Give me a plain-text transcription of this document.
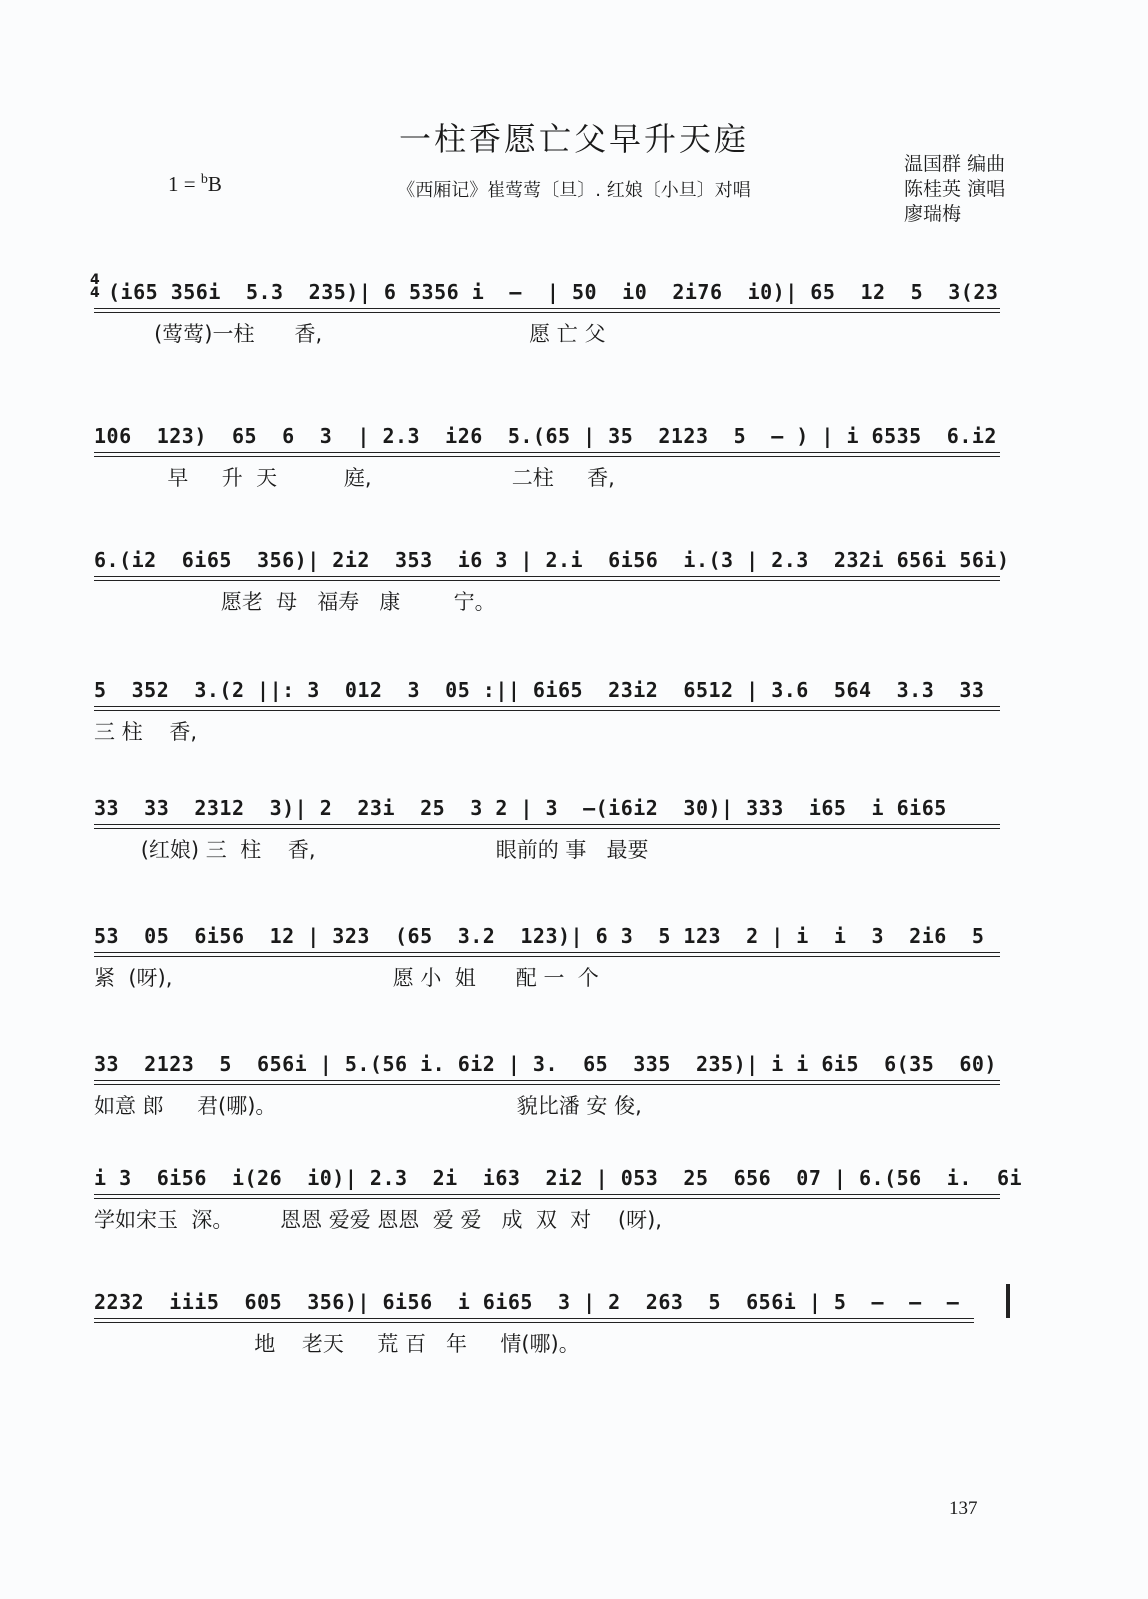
一柱香愿亡父早升天庭
1 = $^b$B	《西厢记》崔莺莺〔旦〕. 红娘〔小旦〕对唱
温国群 编曲
陈桂英 演唱
廖瑞梅
4
4 (i65 356i  5.3  235)| 6 5356 i  —  | 50  i0  2i76  i0)| 65  12  5  3(23
(莺莺)一柱      香,                               愿 亡 父
106  123)  65  6  3  | 2.3  i26  5.(65 | 35  2123  5  — ) | i 6535  6.i2
早     升  天          庭,                     二柱     香,
6.(i2  6i65  356)| 2i2  353  i6 3 | 2.i  6i56  i.(3 | 2.3  232i 656i 56i)
愿老  母   福寿   康        宁。
5  352  3.(2 ||: 3  012  3  05 :|| 6i65  23i2  6512 | 3.6  564  3.3  33
三 柱    香,
33  33  2312  3)| 2  23i  25  3 2 | 3  —(i6i2  30)| 333  i65  i 6i65
(红娘) 三  柱    香,                           眼前的 事   最要
53  05  6i56  12 | 323  (65  3.2  123)| 6 3  5 123  2 | i  i  3  2i6  5
紧  (呀),                                 愿 小  姐      配 一  个
33  2123  5  656i | 5.(56 i. 6i2 | 3.  65  335  235)| i i 6i5  6(35  60)
如意 郎     君(哪)。                                    貌比潘 安 俊,
i 3  6i56  i(26  i0)| 2.3  2i  i63  2i2 | 053  25  656  07 | 6.(56  i.  6i
学如宋玉  深。       恩恩 爱爱 恩恩  爱 爱   成  双  对    (呀),
2232  iii5  605  356)| 6i56  i 6i65  3 | 2  263  5  656i | 5  —  —  —
地    老天     荒 百   年     情(哪)。
137
